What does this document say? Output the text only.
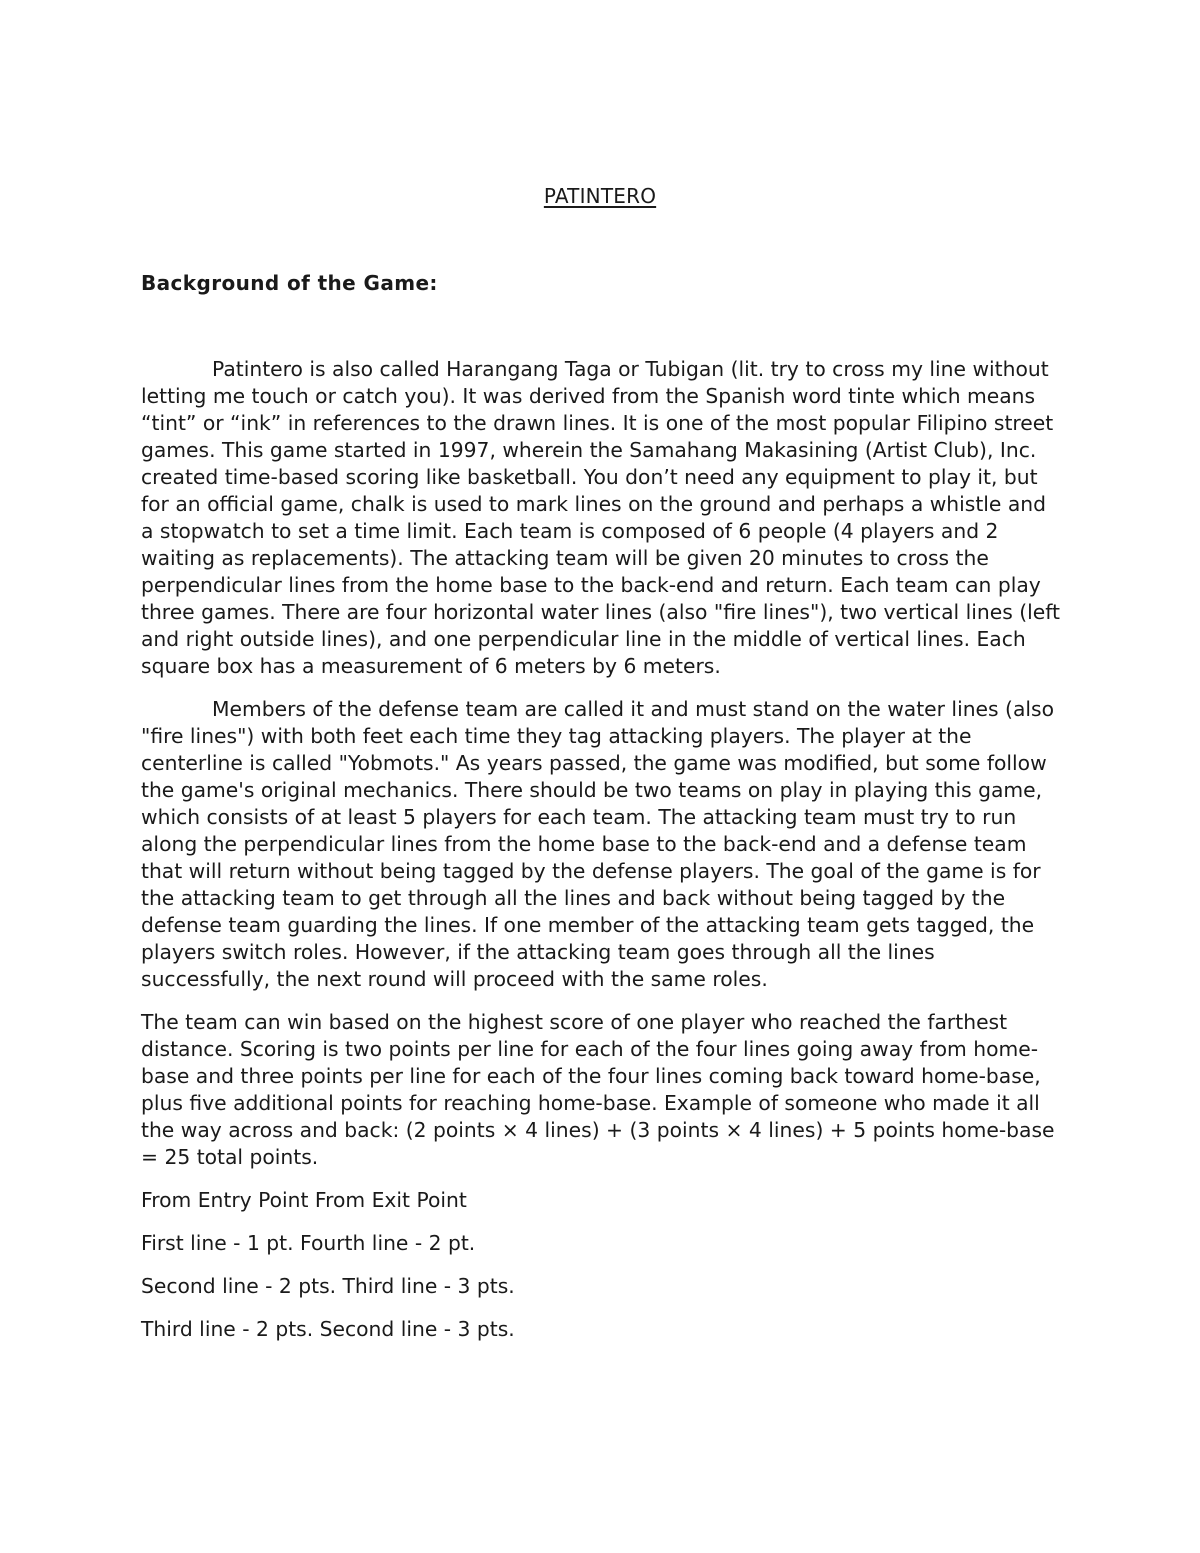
PATINTERO
Background of the Game:

Patintero is also called Harangang Taga or Tubigan (lit. try to cross my line without letting me touch or catch you). It was derived from the Spanish word tinte which means “tint” or “ink” in references to the drawn lines. It is one of the most popular Filipino street games. This game started in 1997, wherein the Samahang Makasining (Artist Club), Inc. created time-based scoring like basketball. You don’t need any equipment to play it, but for an official game, chalk is used to mark lines on the ground and perhaps a whistle and a stopwatch to set a time limit. Each team is composed of 6 people (4 players and 2 waiting as replacements). The attacking team will be given 20 minutes to cross the perpendicular lines from the home base to the back-end and return. Each team can play three games. There are four horizontal water lines (also "fire lines"), two vertical lines (left and right outside lines), and one perpendicular line in the middle of vertical lines. Each square box has a measurement of 6 meters by 6 meters.

Members of the defense team are called it and must stand on the water lines (also "fire lines") with both feet each time they tag attacking players. The player at the centerline is called "Yobmots." As years passed, the game was modified, but some follow the game's original mechanics. There should be two teams on play in playing this game, which consists of at least 5 players for each team. The attacking team must try to run along the perpendicular lines from the home base to the back-end and a defense team that will return without being tagged by the defense players. The goal of the game is for the attacking team to get through all the lines and back without being tagged by the defense team guarding the lines. If one member of the attacking team gets tagged, the players switch roles. However, if the attacking team goes through all the lines successfully, the next round will proceed with the same roles.

The team can win based on the highest score of one player who reached the farthest distance. Scoring is two points per line for each of the four lines going away from home-base and three points per line for each of the four lines coming back toward home-base, plus five additional points for reaching home-base. Example of someone who made it all the way across and back: (2 points × 4 lines) + (3 points × 4 lines) + 5 points home-base = 25 total points.

From Entry Point From Exit Point

First line - 1 pt. Fourth line - 2 pt.

Second line - 2 pts. Third line - 3 pts.

Third line - 2 pts. Second line - 3 pts.
